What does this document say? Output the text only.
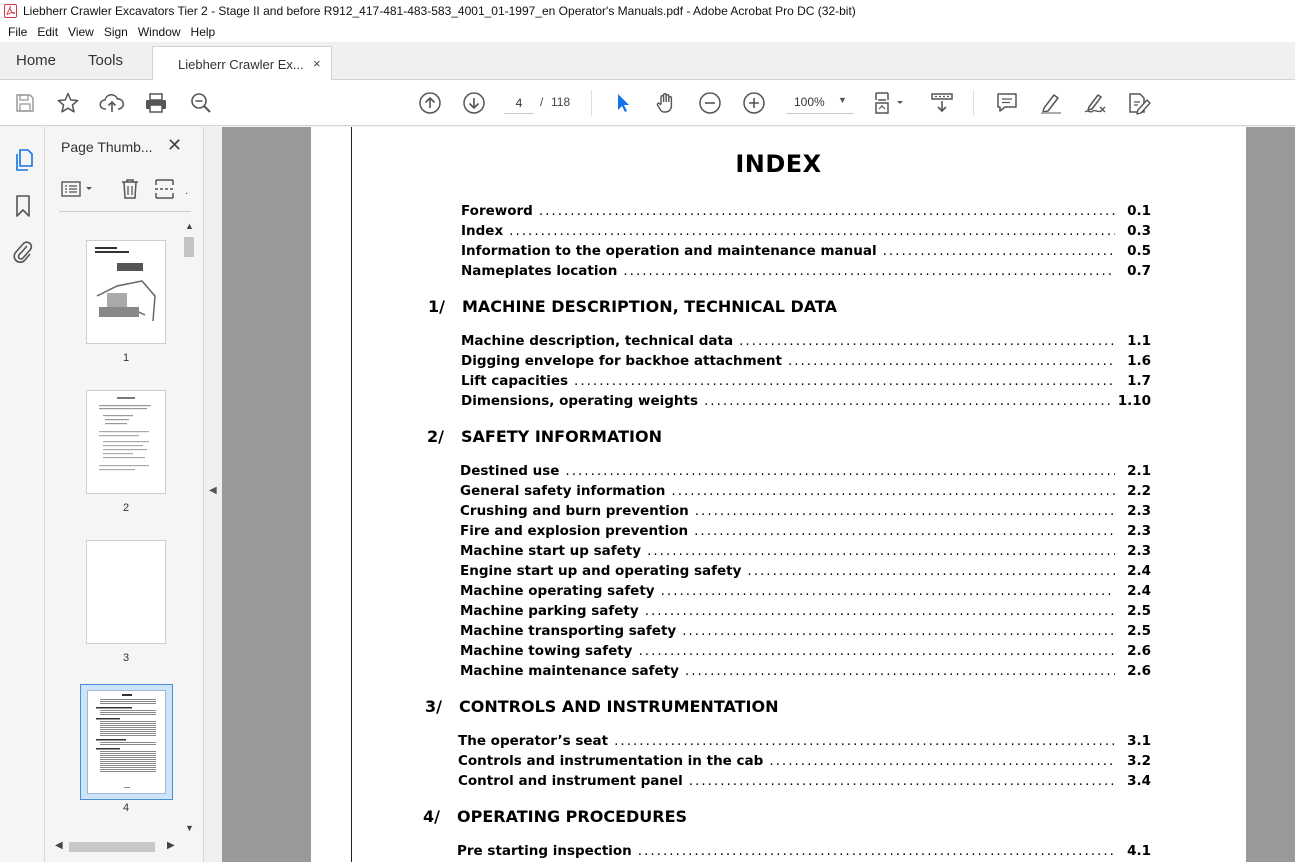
Liebherr Crawler Excavators Tier 2 - Stage II and before R912_417-481-483-583_4001_01-1997_en Operator's Manuals.pdf - Adobe Acrobat Pro DC (32-bit)
File Edit View Sign Window Help
Home Tools	Liebherr Crawler Ex... ×
4
/ 118	100% ▼
Page Thumb... ✕
.
1
2
3
4
▲
▼
◀	▶
◀
INDEX
Foreword .....	0.1
Index .....	0.3
Information to the operation and maintenance manual .....	0.5
Nameplates location .....	0.7
1/ MACHINE DESCRIPTION, TECHNICAL DATA
Machine description, technical data .....	1.1
Digging envelope for backhoe attachment .....	1.6
Lift capacities .....	1.7
Dimensions, operating weights .....	1.10
2/ SAFETY INFORMATION
Destined use .....	2.1
General safety information .....	2.2
Crushing and burn prevention .....	2.3
Fire and explosion prevention .....	2.3
Machine start up safety .....	2.3
Engine start up and operating safety .....	2.4
Machine operating safety .....	2.4
Machine parking safety .....	2.5
Machine transporting safety .....	2.5
Machine towing safety .....	2.6
Machine maintenance safety .....	2.6
3/ CONTROLS AND INSTRUMENTATION
The operator’s seat .....	3.1
Controls and instrumentation in the cab .....	3.2
Control and instrument panel .....	3.4
4/ OPERATING PROCEDURES
Pre starting inspection .....	4.1
